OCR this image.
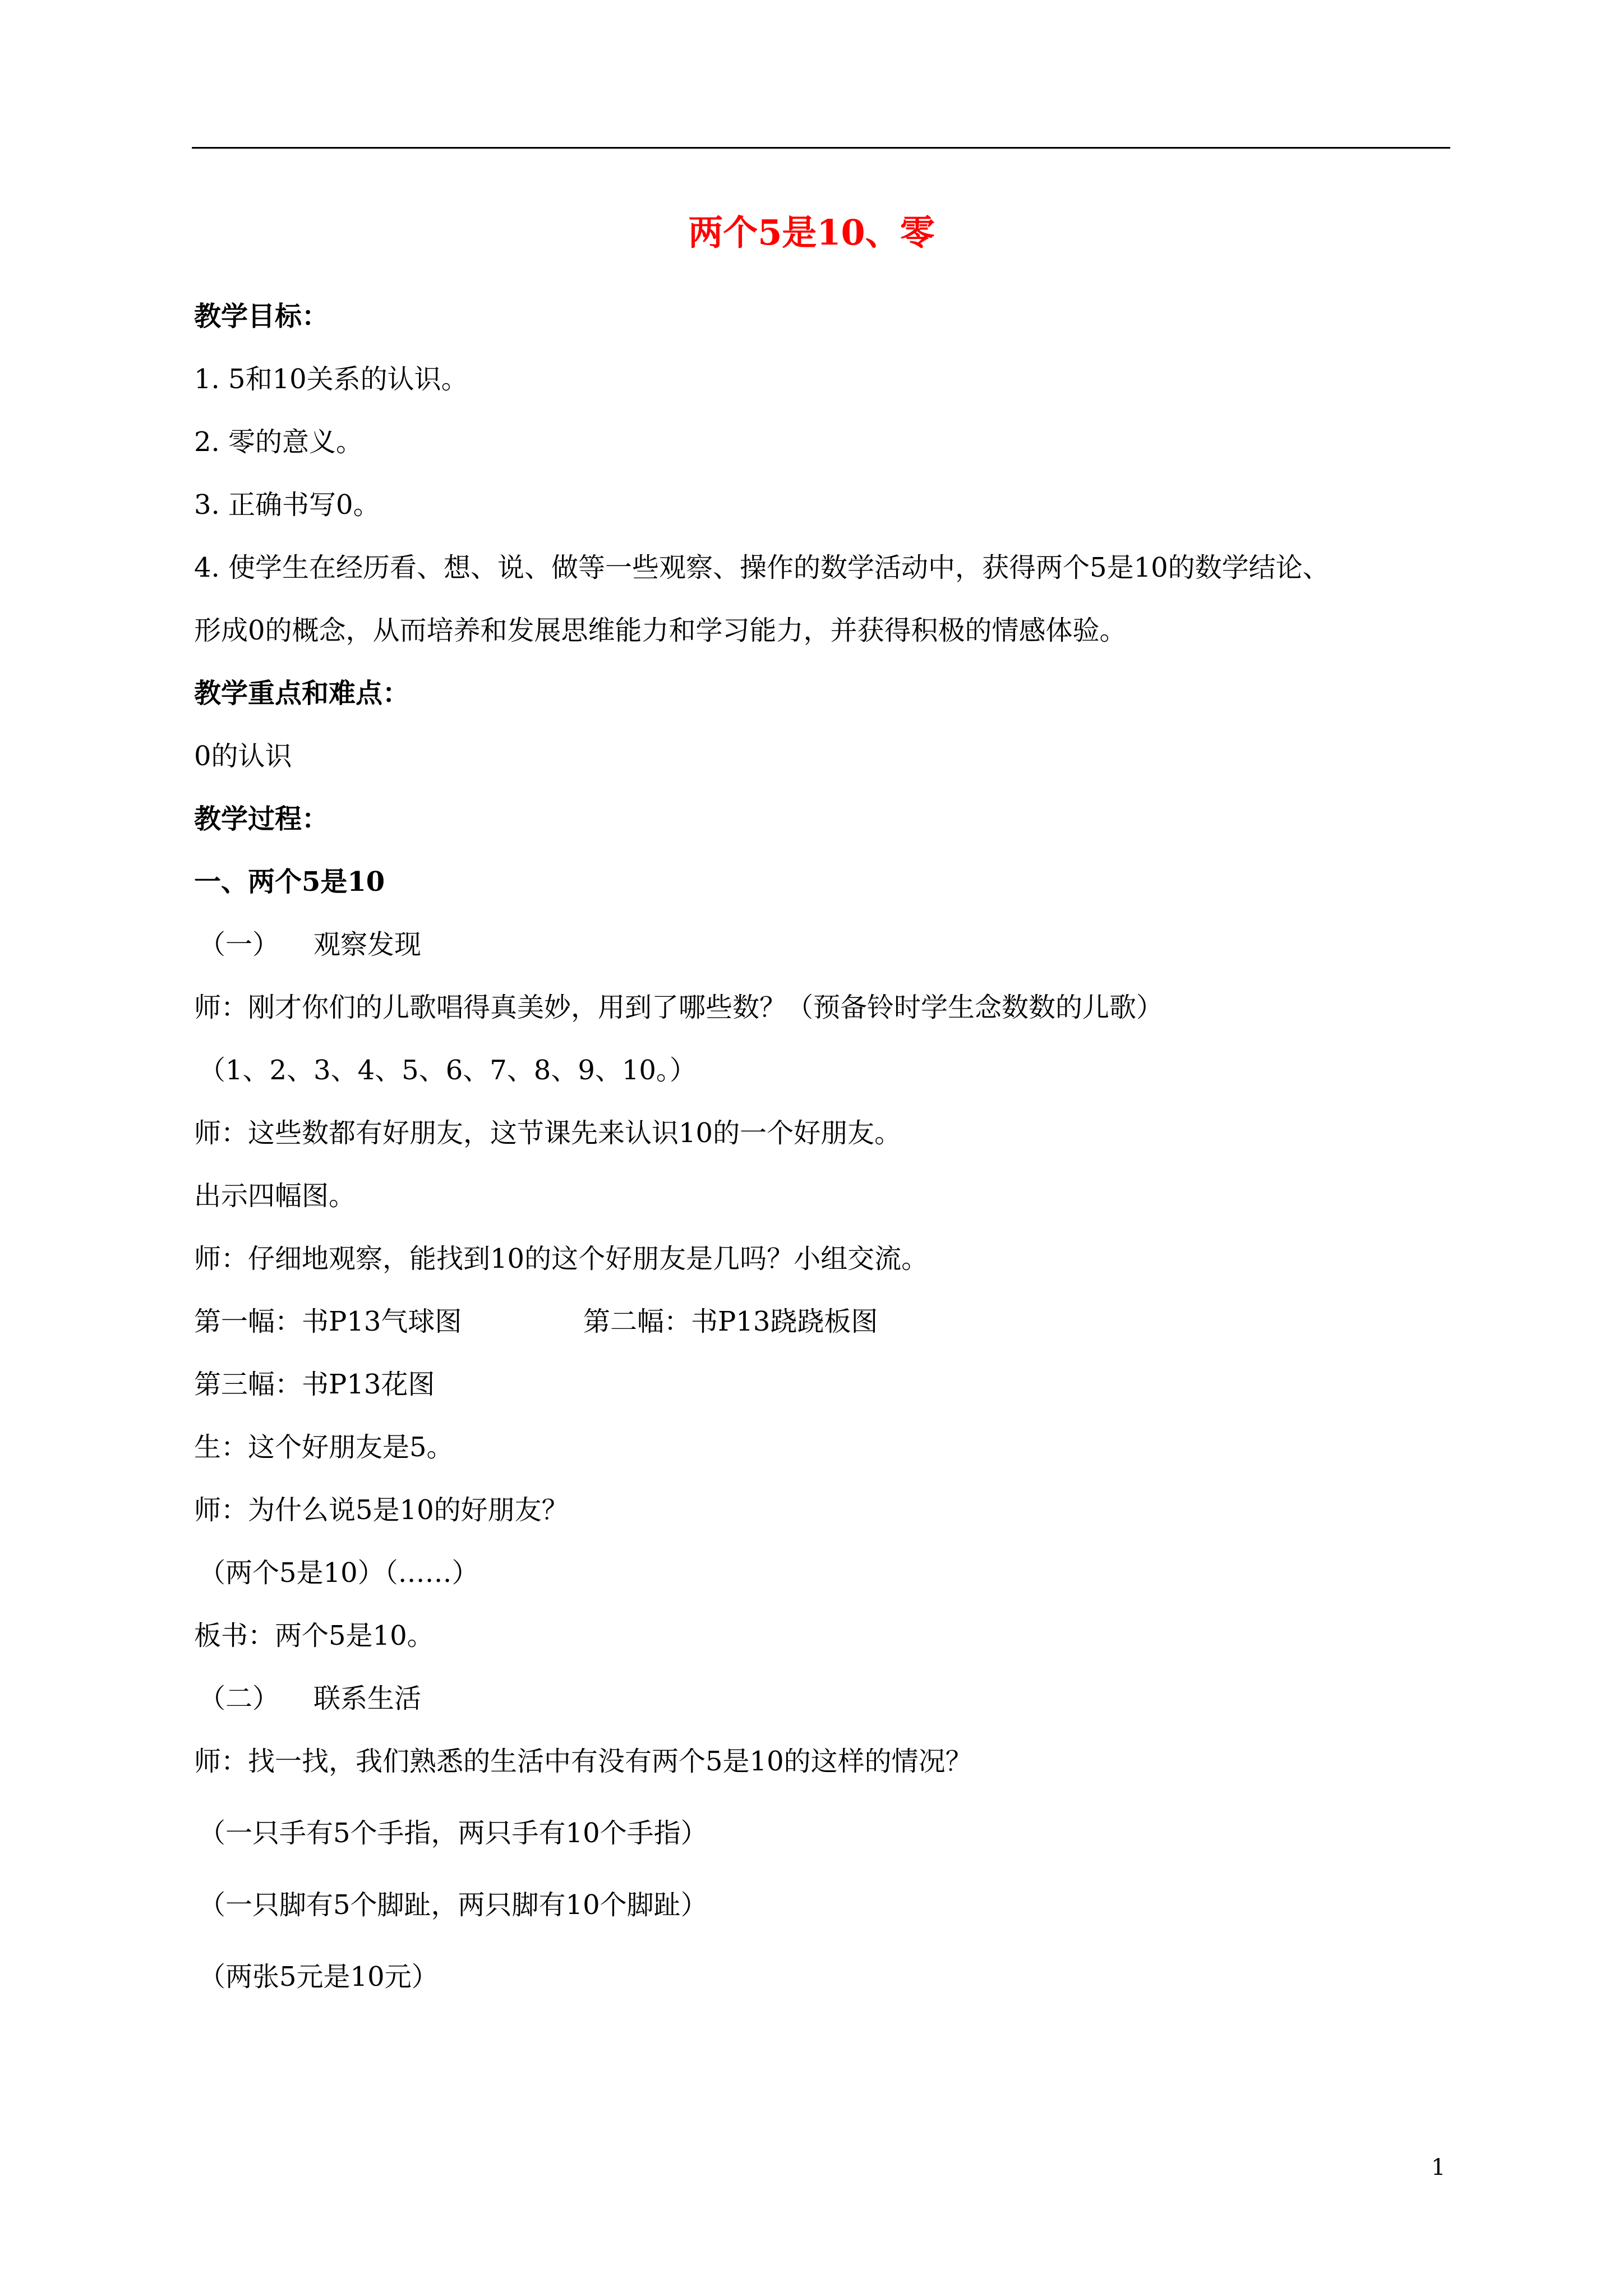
两个5是10、零
教学目标：
1. 5和10关系的认识。
2. 零的意义。
3. 正确书写0。
4. 使学生在经历看、想、说、做等一些观察、操作的数学活动中，获得两个5是10的数学结论、
形成0的概念，从而培养和发展思维能力和学习能力，并获得积极的情感体验。
教学重点和难点：
0的认识
教学过程：
一、两个5是10
（一）    观察发现
师：刚才你们的儿歌唱得真美妙，用到了哪些数？（预备铃时学生念数数的儿歌）
（1、2、3、4、5、6、7、8、9、10。）
师：这些数都有好朋友，这节课先来认识10的一个好朋友。
出示四幅图。
师：仔细地观察，能找到10的这个好朋友是几吗？小组交流。
第一幅：书P13气球图	第二幅：书P13跷跷板图
第三幅：书P13花图
生：这个好朋友是5。
师：为什么说5是10的好朋友？
（两个5是10）（……）
板书：两个5是10。
（二）    联系生活
师：找一找，我们熟悉的生活中有没有两个5是10的这样的情况？
（一只手有5个手指，两只手有10个手指）
（一只脚有5个脚趾，两只脚有10个脚趾）
（两张5元是10元）
1
